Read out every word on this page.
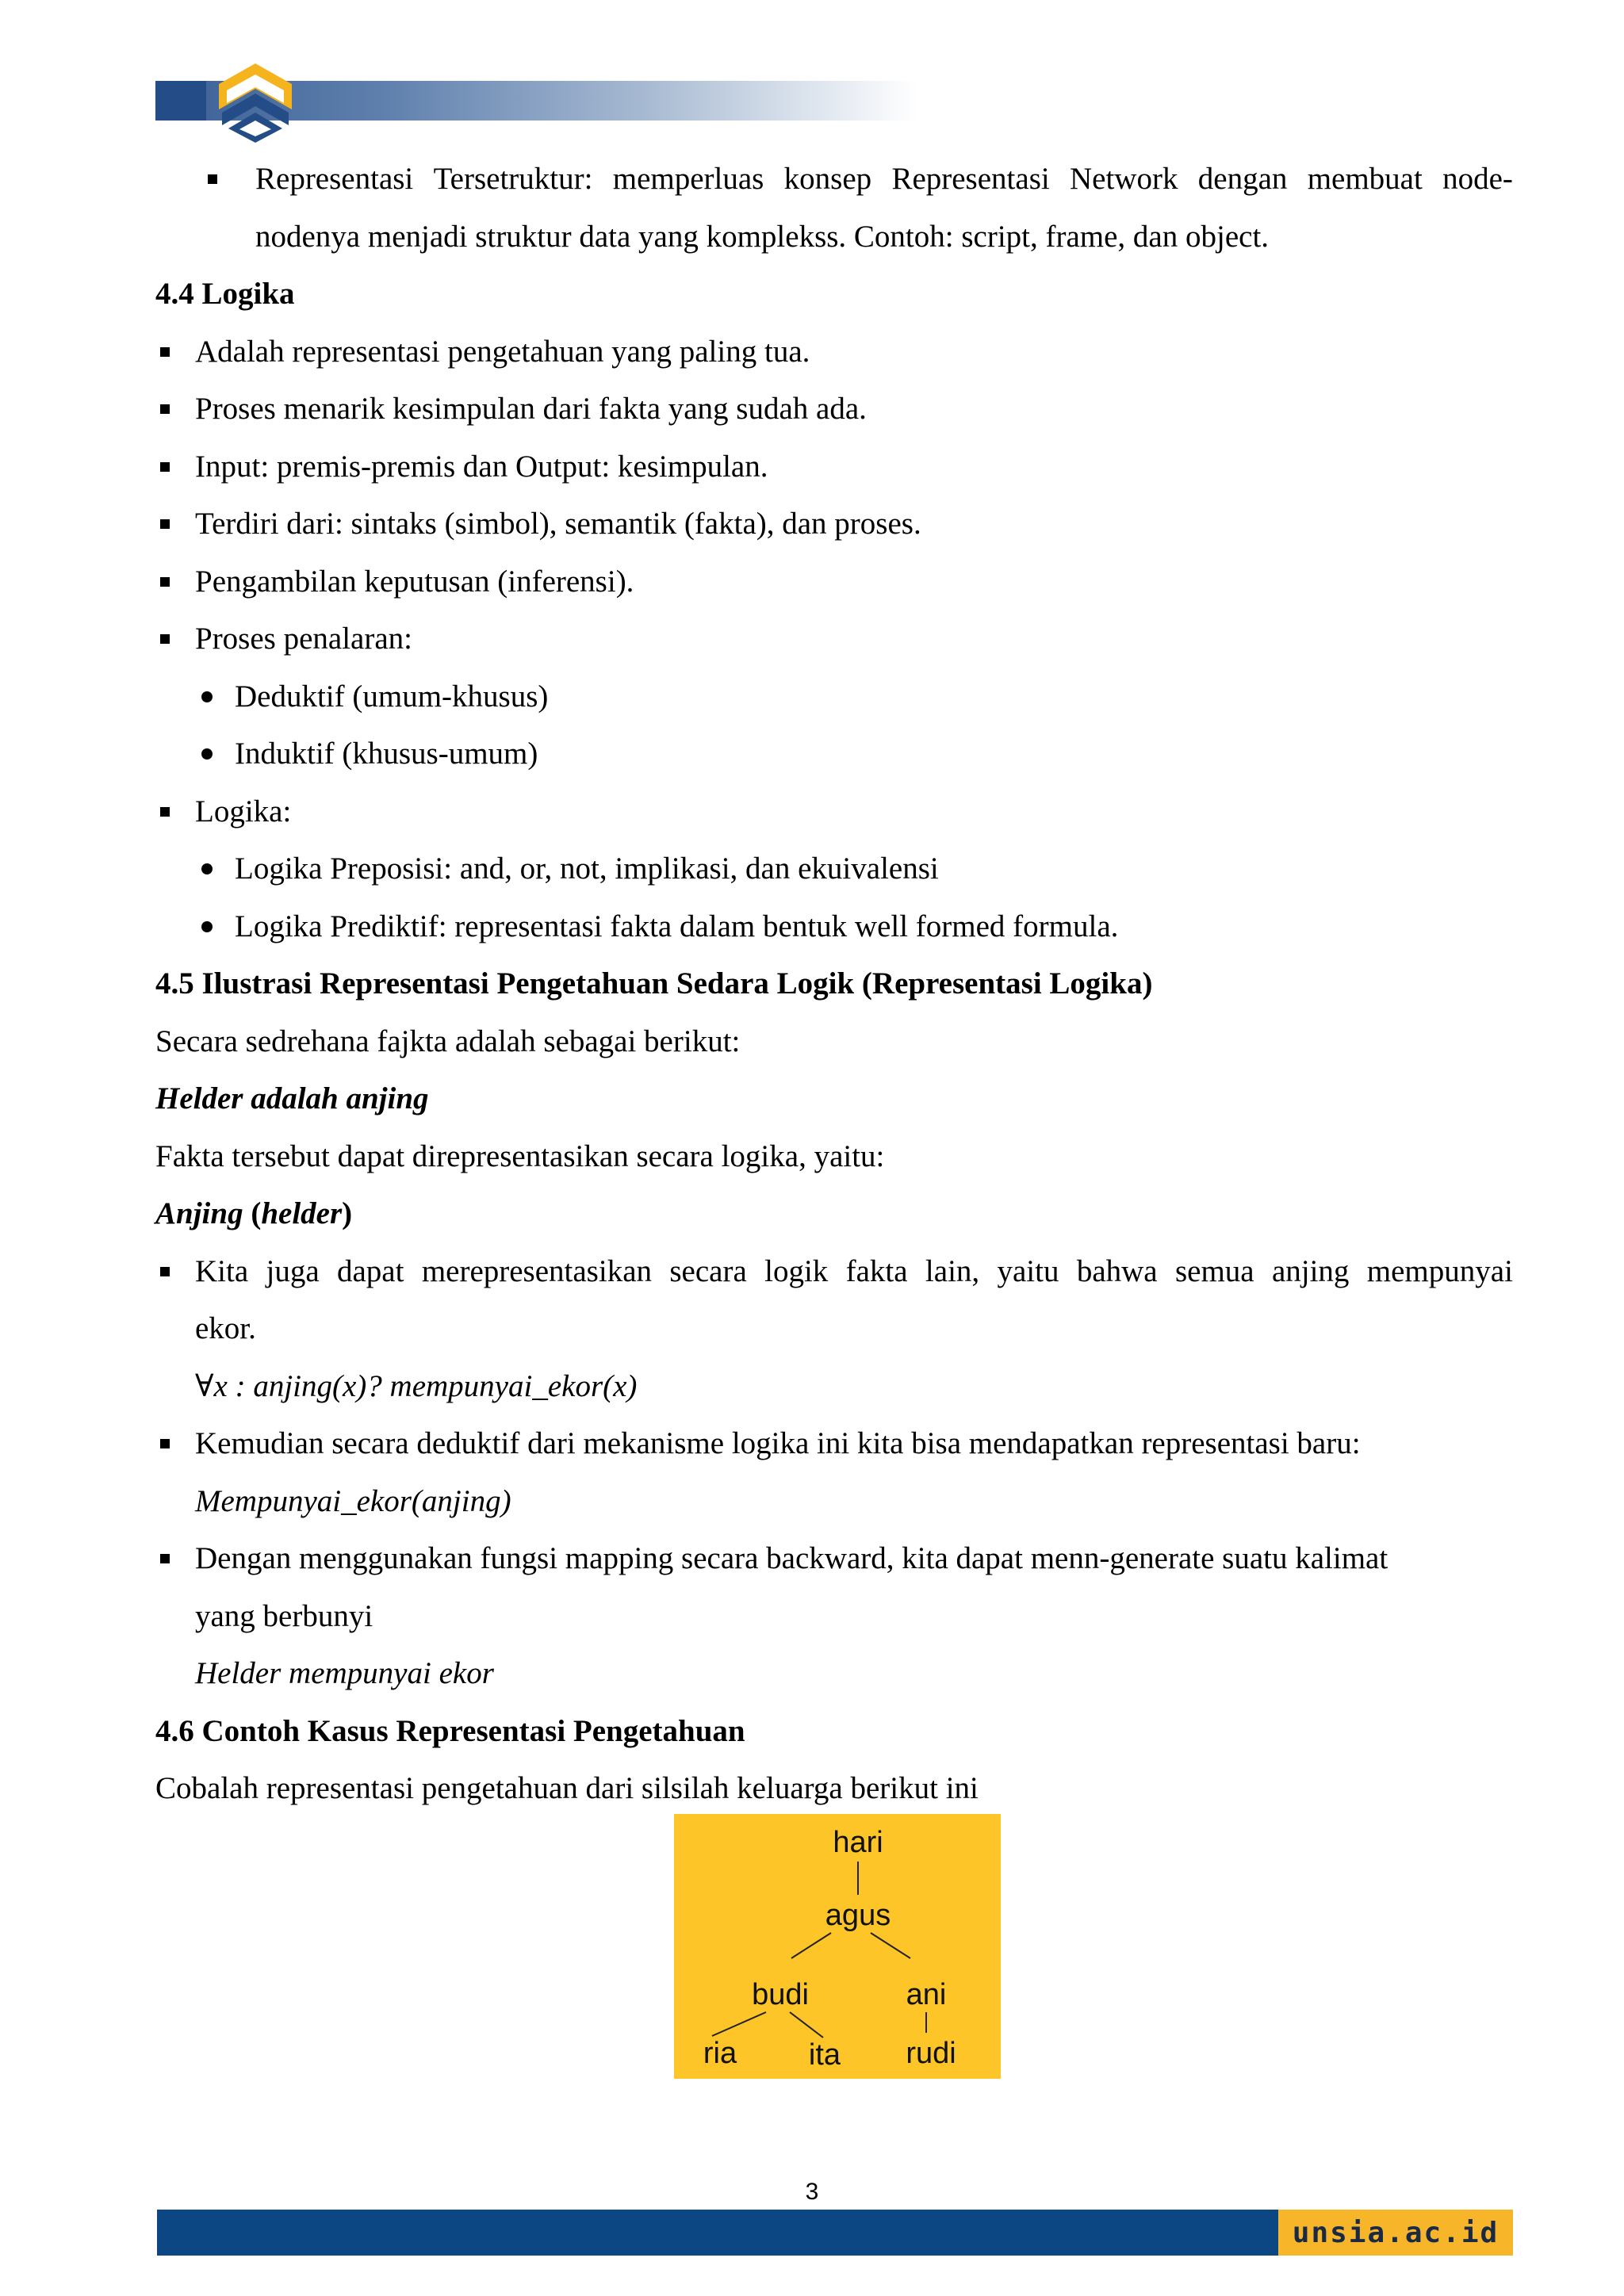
Representasi Tersetruktur: memperluas konsep Representasi Network dengan membuat node-
nodenya menjadi struktur data yang komplekss. Contoh: script, frame, dan object.
4.4 Logika
Adalah representasi pengetahuan yang paling tua.
Proses menarik kesimpulan dari fakta yang sudah ada.
Input: premis-premis dan Output: kesimpulan.
Terdiri dari: sintaks (simbol), semantik (fakta), dan proses.
Pengambilan keputusan (inferensi).
Proses penalaran:
Deduktif (umum-khusus)
Induktif (khusus-umum)
Logika:
Logika Preposisi: and, or, not, implikasi, dan ekuivalensi
Logika Prediktif: representasi fakta dalam bentuk well formed formula.
4.5 Ilustrasi Representasi Pengetahuan Sedara Logik (Representasi Logika)
Secara sedrehana fajkta adalah sebagai berikut:
Helder adalah anjing
Fakta tersebut dapat direpresentasikan secara logika, yaitu:
Anjing (helder)
Kita juga dapat merepresentasikan secara logik fakta lain, yaitu bahwa semua anjing mempunyai
ekor.
∀x : anjing(x)? mempunyai_ekor(x)
Kemudian secara deduktif dari mekanisme logika ini kita bisa mendapatkan representasi baru:
Mempunyai_ekor(anjing)
Dengan menggunakan fungsi mapping secara backward, kita dapat menn-generate suatu kalimat
yang berbunyi
Helder mempunyai ekor
4.6 Contoh Kasus Representasi Pengetahuan
Cobalah representasi pengetahuan dari silsilah keluarga berikut ini
hari
agus
budi	ani
ria ita rudi
3
unsia.ac.id
